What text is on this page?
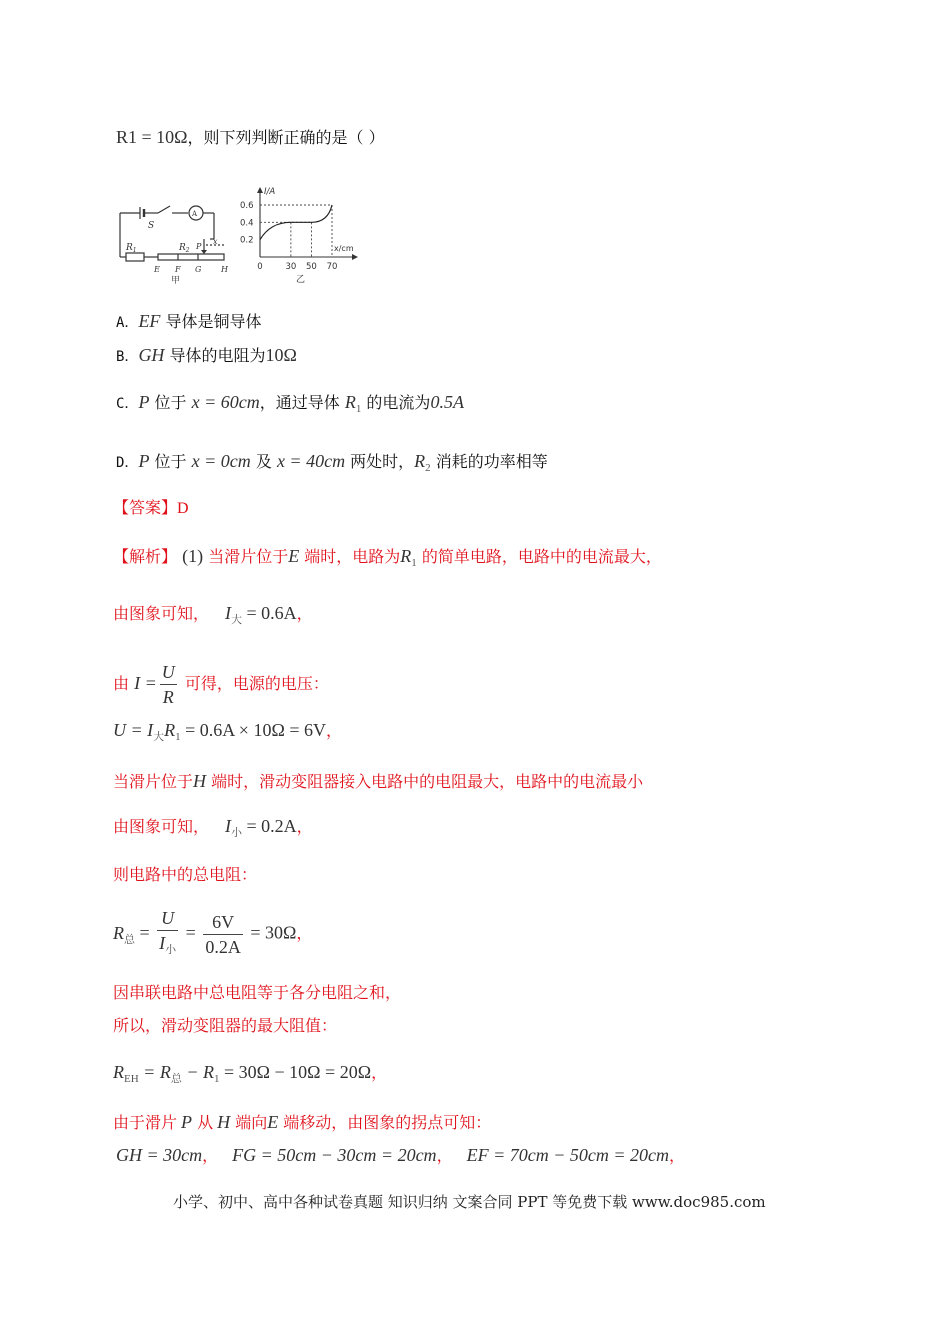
R1 = 10Ω，则下列判断正确的是（ ）
$R_1$	$R_2$
S
A
P
x
E F G H
甲
I/A
x/cm
0.6
0.4
0.2
0	30 50 70
乙
A．EF 导体是铜导体
B．GH 导体的电阻为10Ω
C．P 位于 x = 60cm，通过导体 $R_1$ 的电流为0.5A
D．P 位于 x = 0cm 及 x = 40cm 两处时，$R_2$ 消耗的功率相等
【答案】D
【解析】 (1) 当滑片位于E 端时，电路为$R_1$ 的简单电路，电路中的电流最大，
由图象可知， $I_大 = 0.6A$，
由 $I = \frac{U}{R}$ 可得，电源的电压：
$U = I_大R_1 = 0.6A \times 10\Omega = 6V$，
当滑片位于H 端时，滑动变阻器接入电路中的电阻最大，电路中的电流最小
由图象可知， $I_小 = 0.2A$，
则电路中的总电阻：
$R_总 = \frac{U}{I_小} = \frac{6V}{0.2A} = 30\Omega$，
因串联电路中总电阻等于各分电阻之和，
所以，滑动变阻器的最大阻值：
$R_{EH} = R_总 - R_1 = 30\Omega - 10\Omega = 20\Omega$，
由于滑片 P 从 H 端向E 端移动，由图象的拐点可知：
GH = 30cm， FG = 50cm − 30cm = 20cm， EF = 70cm − 50cm = 20cm，
小学、初中、高中各种试卷真题 知识归纳 文案合同 PPT 等免费下载 www.doc985.com
